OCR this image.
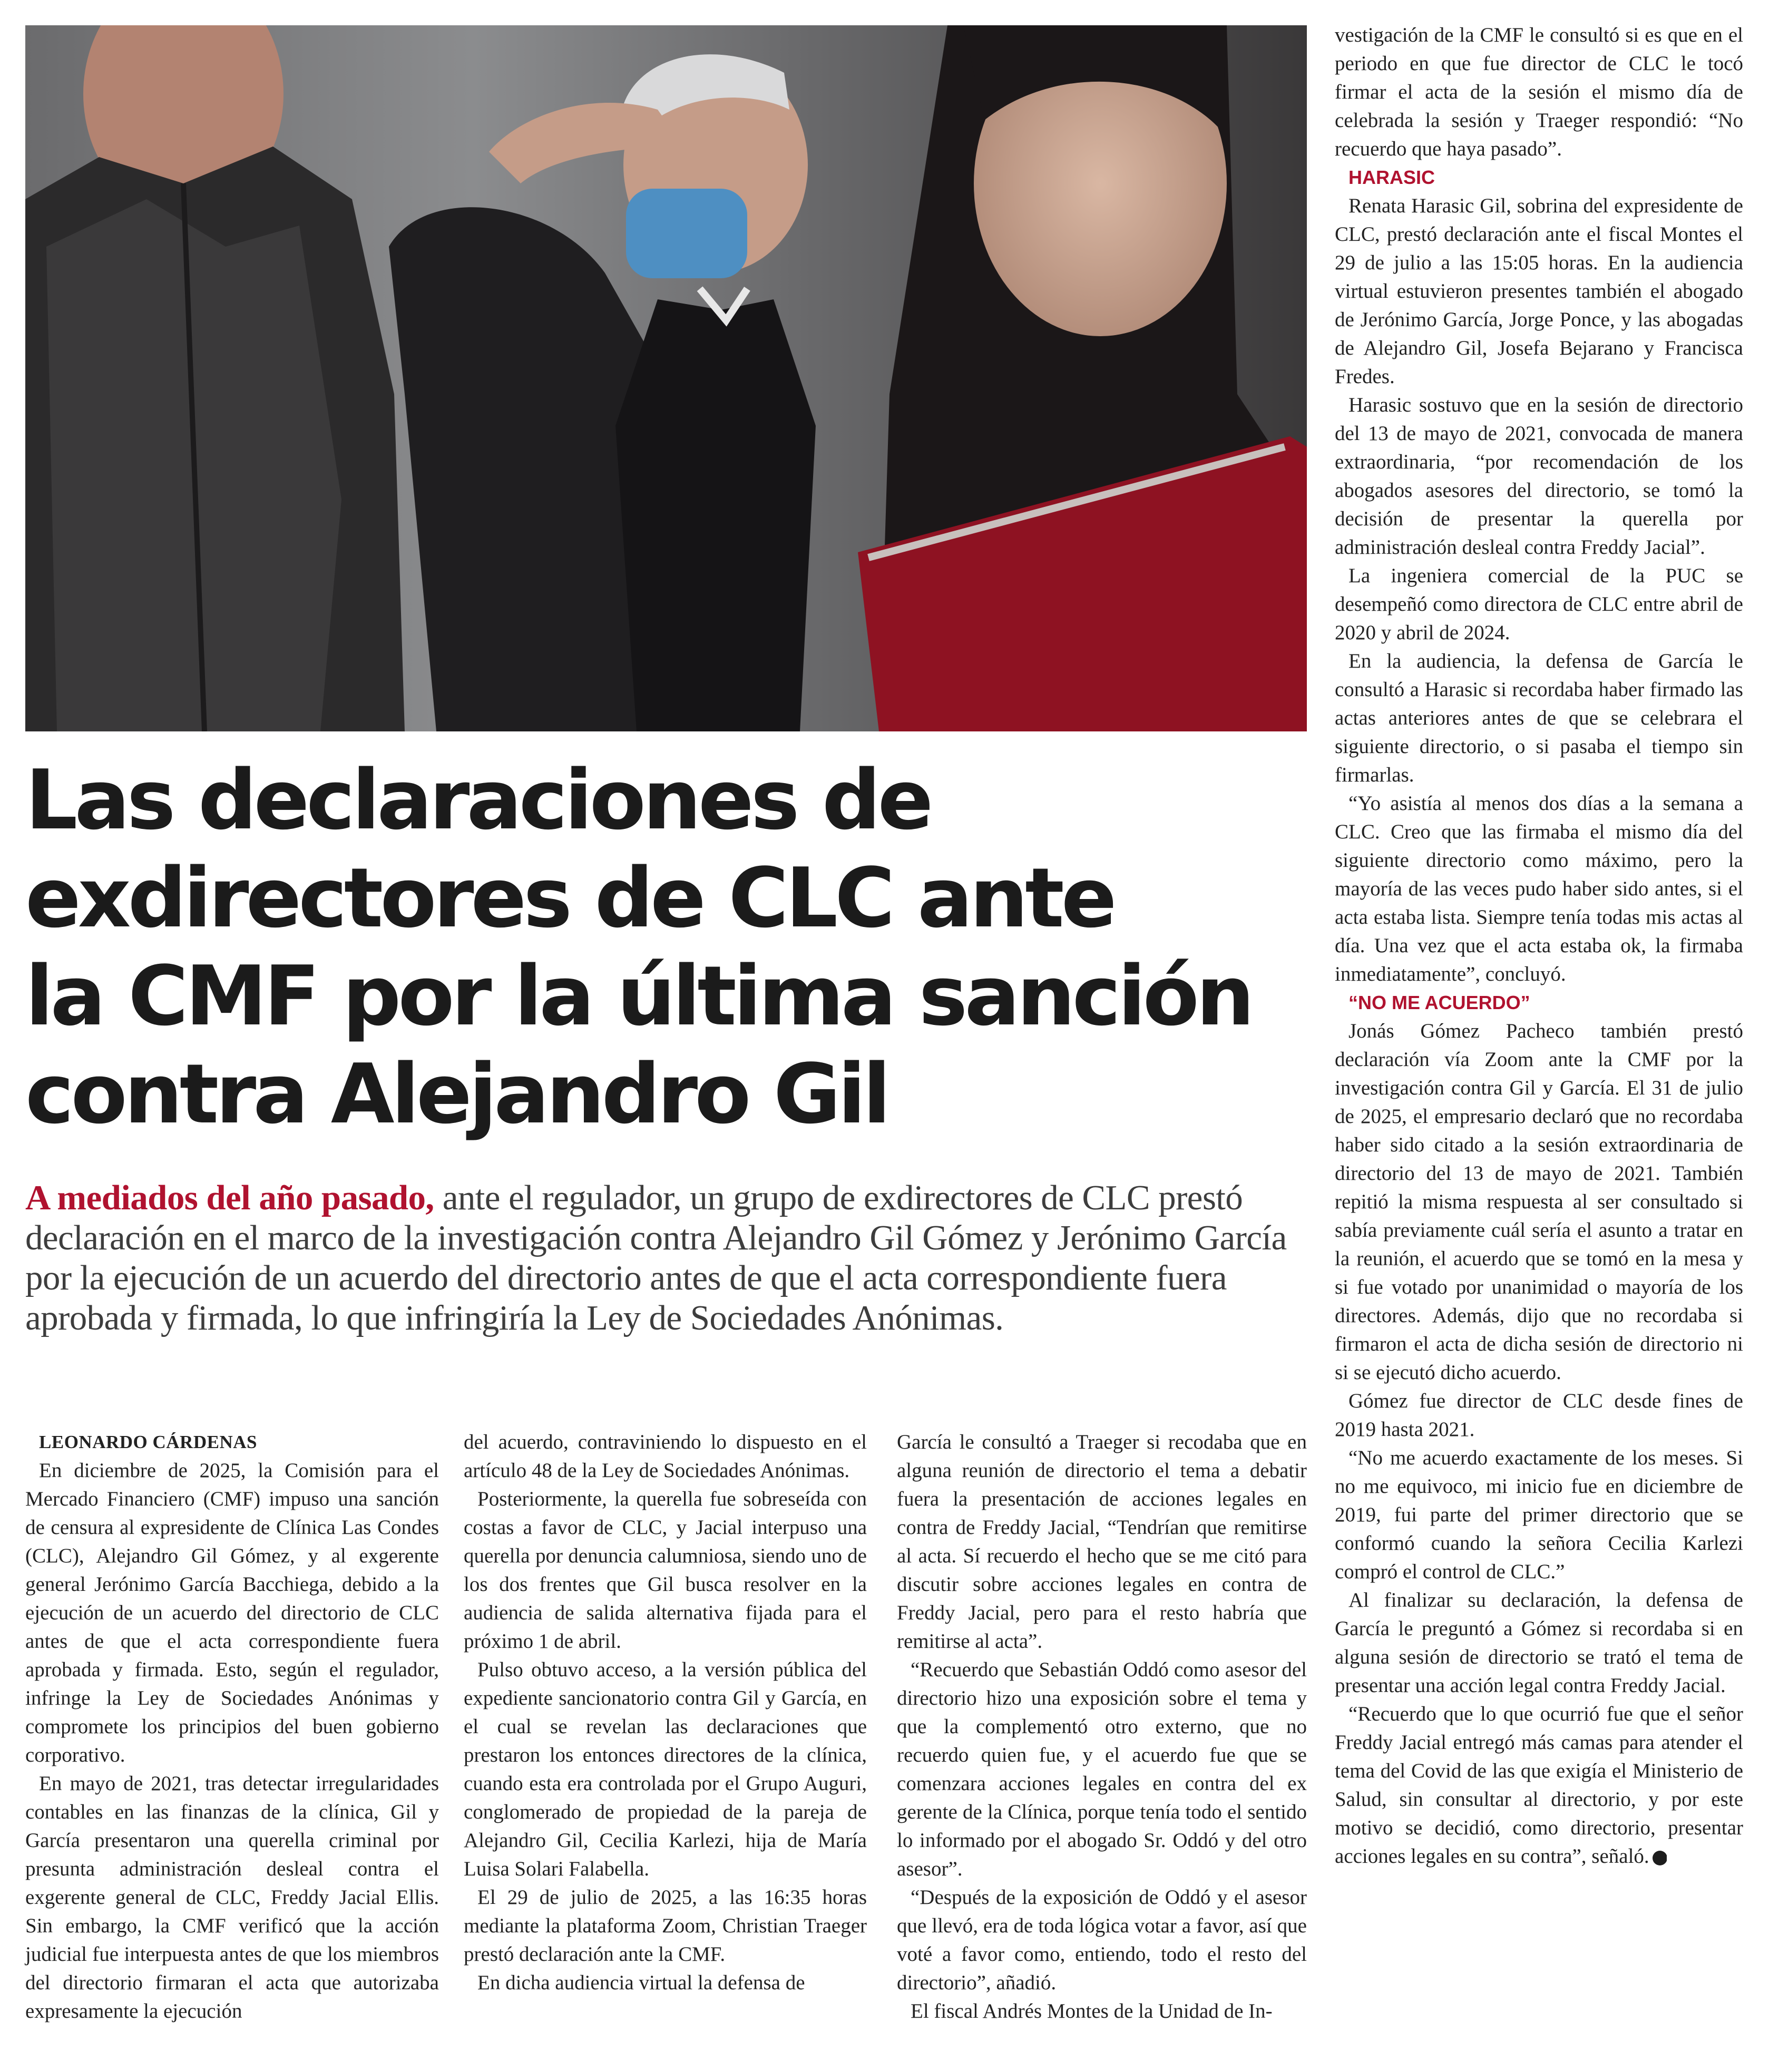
Las declaraciones de
exdirectores de CLC ante
la CMF por la última sanción
contra Alejandro Gil

A mediados del año pasado, ante el regulador, un grupo de exdirectores de CLC prestó declaración en el marco de la investigación contra Alejandro Gil Gómez y Jerónimo García por la ejecución de un acuerdo del directorio antes de que el acta correspondiente fuera aprobada y firmada, lo que infringiría la Ley de Sociedades Anónimas.

LEONARDO CÁRDENAS

En diciembre de 2025, la Comisión para el Mercado Financiero (CMF) impuso una sanción de censura al expresidente de Clínica Las Condes (CLC), Alejandro Gil Gómez, y al exgerente general Jerónimo García Bacchiega, debido a la ejecución de un acuerdo del directorio de CLC antes de que el acta correspondiente fuera aprobada y firmada. Esto, según el regulador, infringe la Ley de Sociedades Anónimas y compromete los principios del buen gobierno corporativo.

En mayo de 2021, tras detectar irregularidades contables en las finanzas de la clínica, Gil y García presentaron una querella criminal por presunta administración desleal contra el exgerente general de CLC, Freddy Jacial Ellis. Sin embargo, la CMF verificó que la acción judicial fue interpuesta antes de que los miembros del directorio firmaran el acta que autorizaba expresamente la ejecución

del acuerdo, contraviniendo lo dispuesto en el artículo 48 de la Ley de Sociedades Anónimas.

Posteriormente, la querella fue sobreseída con costas a favor de CLC, y Jacial interpuso una querella por denuncia calumniosa, siendo uno de los dos frentes que Gil busca resolver en la audiencia de salida alternativa fijada para el próximo 1 de abril.

Pulso obtuvo acceso, a la versión pública del expediente sancionatorio contra Gil y García, en el cual se revelan las declaraciones que prestaron los entonces directores de la clínica, cuando esta era controlada por el Grupo Auguri, conglomerado de propiedad de la pareja de Alejandro Gil, Cecilia Karlezi, hija de María Luisa Solari Falabella.

El 29 de julio de 2025, a las 16:35 horas mediante la plataforma Zoom, Christian Traeger prestó declaración ante la CMF.

En dicha audiencia virtual la defensa de

García le consultó a Traeger si recodaba que en alguna reunión de directorio el tema a debatir fuera la presentación de acciones legales en contra de Freddy Jacial, “Tendrían que remitirse al acta. Sí recuerdo el hecho que se me citó para discutir sobre acciones legales en contra de Freddy Jacial, pero para el resto habría que remitirse al acta”.

“Recuerdo que Sebastián Oddó como asesor del directorio hizo una exposición sobre el tema y que la complementó otro externo, que no recuerdo quien fue, y el acuerdo fue que se comenzara acciones legales en contra del ex gerente de la Clínica, porque tenía todo el sentido lo informado por el abogado Sr. Oddó y del otro asesor”.

“Después de la exposición de Oddó y el asesor que llevó, era de toda lógica votar a favor, así que voté a favor como, entiendo, todo el resto del directorio”, añadió.

El fiscal Andrés Montes de la Unidad de In-

vestigación de la CMF le consultó si es que en el periodo en que fue director de CLC le tocó firmar el acta de la sesión el mismo día de celebrada la sesión y Traeger respondió: “No recuerdo que haya pasado”.

HARASIC

Renata Harasic Gil, sobrina del expresidente de CLC, prestó declaración ante el fiscal Montes el 29 de julio a las 15:05 horas. En la audiencia virtual estuvieron presentes también el abogado de Jerónimo García, Jorge Ponce, y las abogadas de Alejandro Gil, Josefa Bejarano y Francisca Fredes.

Harasic sostuvo que en la sesión de directorio del 13 de mayo de 2021, convocada de manera extraordinaria, “por recomendación de los abogados asesores del directorio, se tomó la decisión de presentar la querella por administración desleal contra Freddy Jacial”.

La ingeniera comercial de la PUC se desempeñó como directora de CLC entre abril de 2020 y abril de 2024.

En la audiencia, la defensa de García le consultó a Harasic si recordaba haber firmado las actas anteriores antes de que se celebrara el siguiente directorio, o si pasaba el tiempo sin firmarlas.

“Yo asistía al menos dos días a la semana a CLC. Creo que las firmaba el mismo día del siguiente directorio como máximo, pero la mayoría de las veces pudo haber sido antes, si el acta estaba lista. Siempre tenía todas mis actas al día. Una vez que el acta estaba ok, la firmaba inmediatamente”, concluyó.

“NO ME ACUERDO”

Jonás Gómez Pacheco también prestó declaración vía Zoom ante la CMF por la investigación contra Gil y García. El 31 de julio de 2025, el empresario declaró que no recordaba haber sido citado a la sesión extraordinaria de directorio del 13 de mayo de 2021. También repitió la misma respuesta al ser consultado si sabía previamente cuál sería el asunto a tratar en la reunión, el acuerdo que se tomó en la mesa y si fue votado por unanimidad o mayoría de los directores. Además, dijo que no recordaba si firmaron el acta de dicha sesión de directorio ni si se ejecutó dicho acuerdo.

Gómez fue director de CLC desde fines de 2019 hasta 2021.

“No me acuerdo exactamente de los meses. Si no me equivoco, mi inicio fue en diciembre de 2019, fui parte del primer directorio que se conformó cuando la señora Cecilia Karlezi compró el control de CLC.”

Al finalizar su declaración, la defensa de García le preguntó a Gómez si recordaba si en alguna sesión de directorio se trató el tema de presentar una acción legal contra Freddy Jacial.

“Recuerdo que lo que ocurrió fue que el señor Freddy Jacial entregó más camas para atender el tema del Covid de las que exigía el Ministerio de Salud, sin consultar al directorio, y por este motivo se decidió, como directorio, presentar acciones legales en su contra”, señaló. P
